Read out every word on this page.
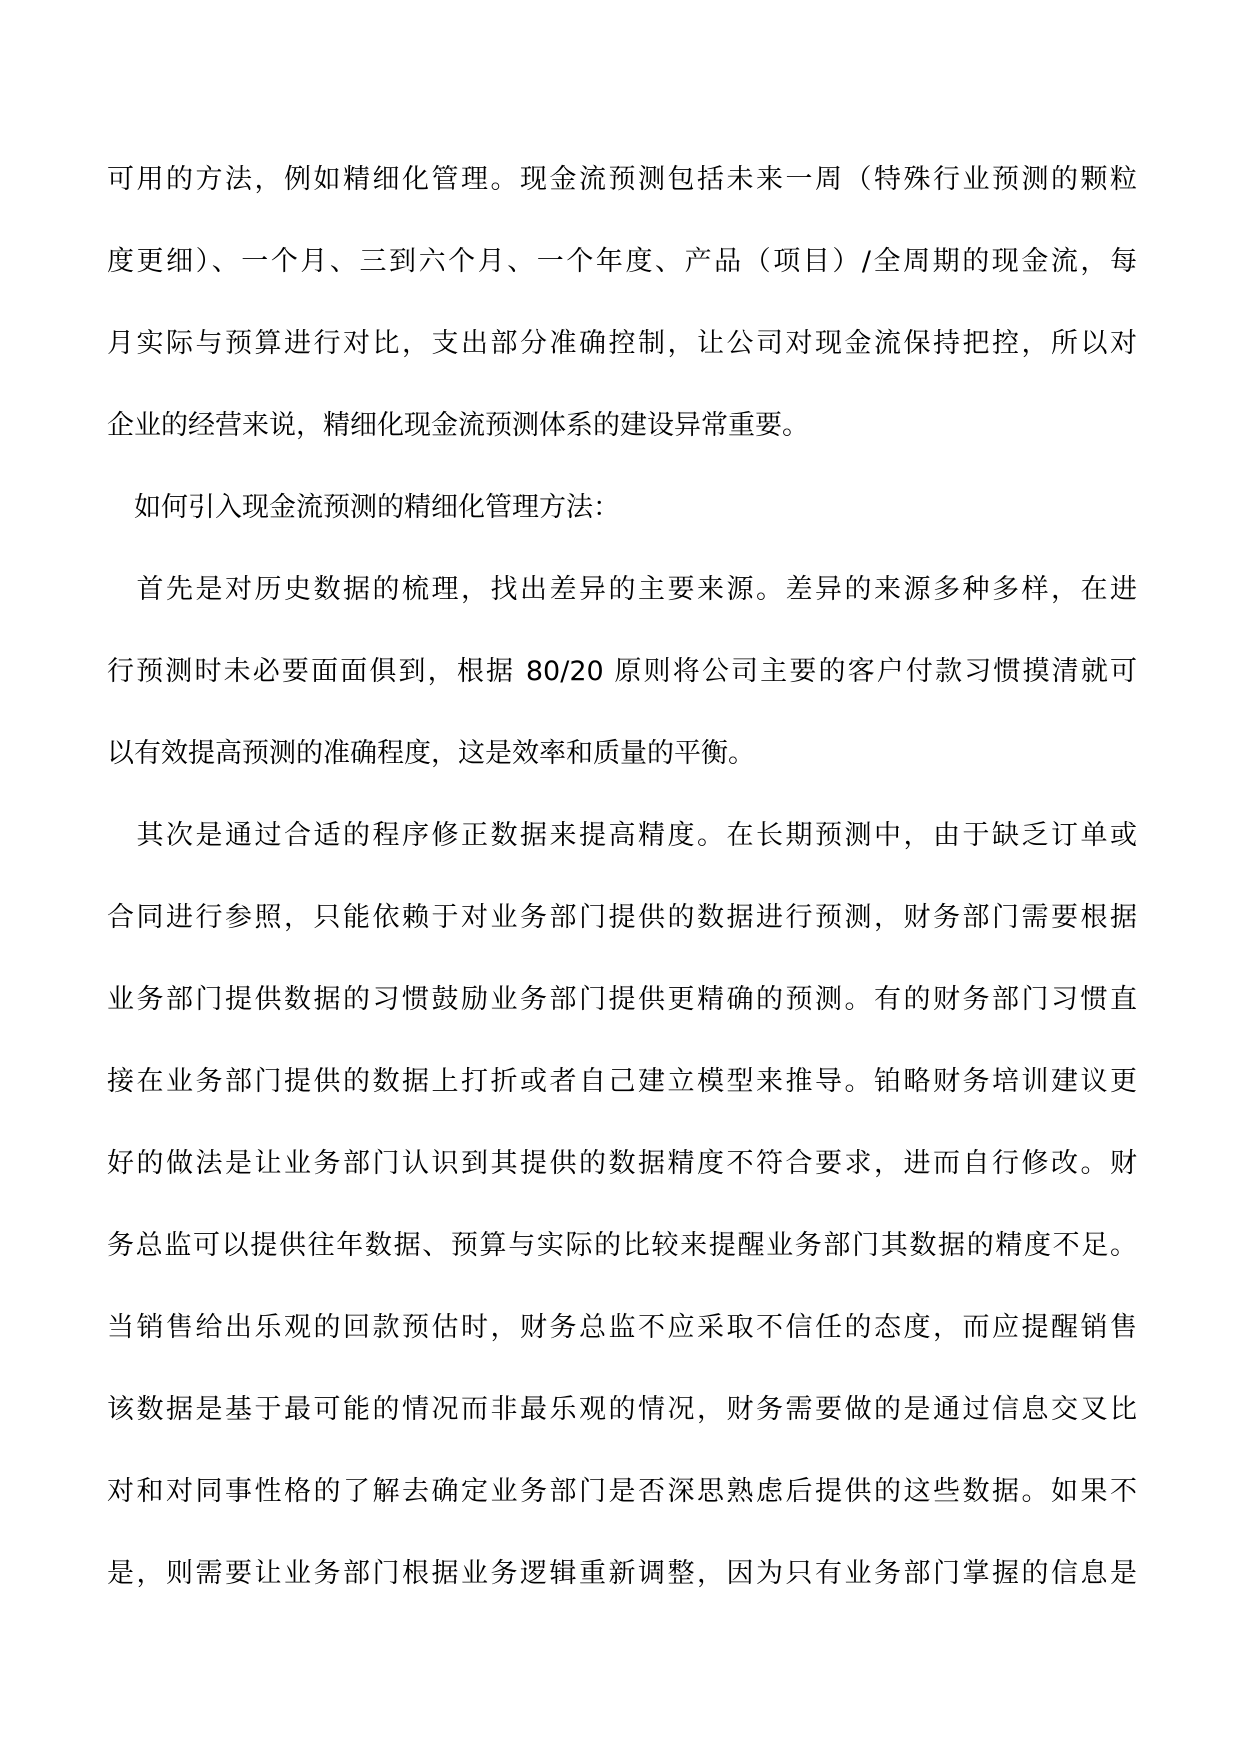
可用的方法，例如精细化管理。现金流预测包括未来一周（特殊行业预测的颗粒
度更细）、一个月、三到六个月、一个年度、产品（项目）/全周期的现金流，每
月实际与预算进行对比，支出部分准确控制，让公司对现金流保持把控，所以对
企业的经营来说，精细化现金流预测体系的建设异常重要。
　如何引入现金流预测的精细化管理方法：
　首先是对历史数据的梳理，找出差异的主要来源。差异的来源多种多样，在进
行预测时未必要面面俱到，根据 80/20 原则将公司主要的客户付款习惯摸清就可
以有效提高预测的准确程度，这是效率和质量的平衡。
　其次是通过合适的程序修正数据来提高精度。在长期预测中，由于缺乏订单或
合同进行参照，只能依赖于对业务部门提供的数据进行预测，财务部门需要根据
业务部门提供数据的习惯鼓励业务部门提供更精确的预测。有的财务部门习惯直
接在业务部门提供的数据上打折或者自己建立模型来推导。铂略财务培训建议更
好的做法是让业务部门认识到其提供的数据精度不符合要求，进而自行修改。财
务总监可以提供往年数据、预算与实际的比较来提醒业务部门其数据的精度不足。
当销售给出乐观的回款预估时，财务总监不应采取不信任的态度，而应提醒销售
该数据是基于最可能的情况而非最乐观的情况，财务需要做的是通过信息交叉比
对和对同事性格的了解去确定业务部门是否深思熟虑后提供的这些数据。如果不
是，则需要让业务部门根据业务逻辑重新调整，因为只有业务部门掌握的信息是
